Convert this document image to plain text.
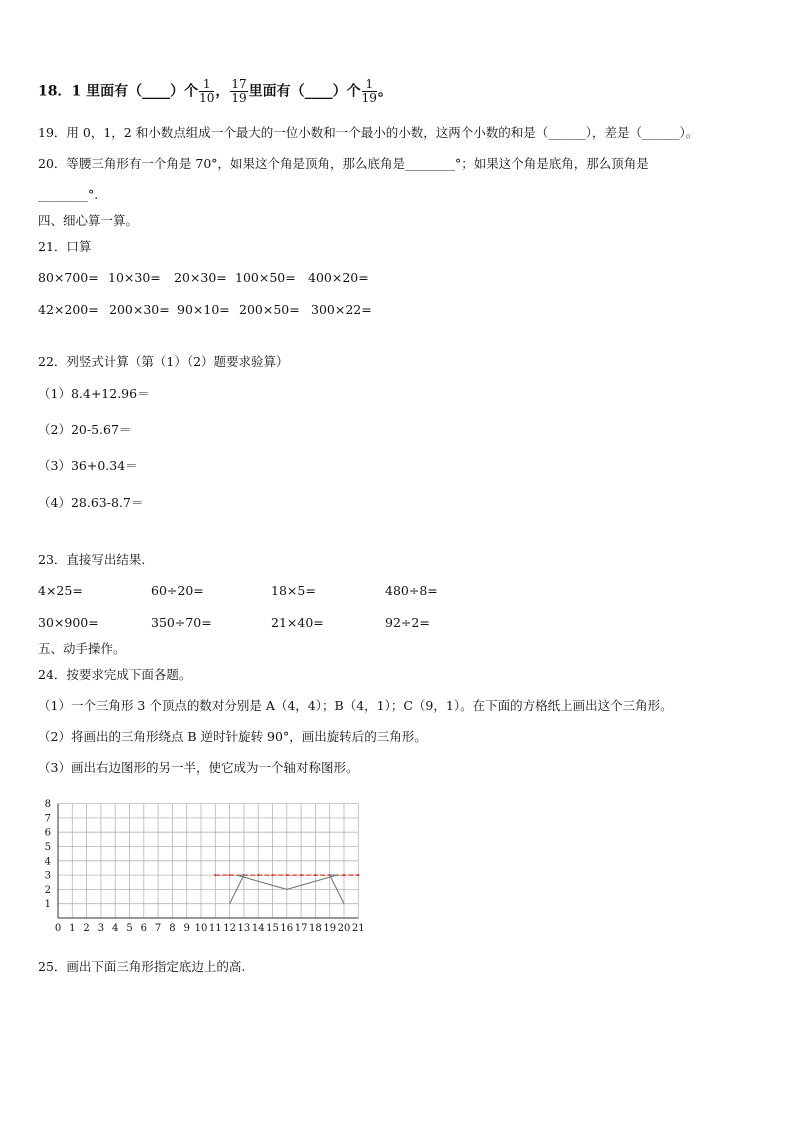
18．1 里面有（____）个 $\frac{1}{10}$ ， $\frac{17}{19}$ 里面有（____）个 $\frac{1}{19}$ 。
19．用 0，1，2 和小数点组成一个最大的一位小数和一个最小的小数，这两个小数的和是（______），差是（______）。
20．等腰三角形有一个角是 70°，如果这个角是顶角，那么底角是________°；如果这个角是底角，那么顶角是
________°.
四、细心算一算。
21．口算
80×700= 10×30= 20×30= 100×50= 400×20=
42×200= 200×30= 90×10= 200×50= 300×22=
22．列竖式计算（第（1）（2）题要求验算）
（1）8.4+12.96＝
（2）20-5.67＝
（3）36+0.34＝
（4）28.63-8.7＝
23．直接写出结果.
4×25=	60÷20=	18×5=	480÷8=
30×900=	350÷70=	21×40=	92÷2=
五、动手操作。
24．按要求完成下面各题。
（1）一个三角形 3 个顶点的数对分别是 A（4，4）；B（4，1）；C（9，1）。在下面的方格纸上画出这个三角形。
（2）将画出的三角形绕点 B 逆时针旋转 90°，画出旋转后的三角形。
（3）画出右边图形的另一半，使它成为一个轴对称图形。
0 1 2 3 4 5 6 7 8 9 10 11 12 13 14 15 16 17 18 19 20 21
1
2
3
4
5
6
7
8
25．画出下面三角形指定底边上的高.
